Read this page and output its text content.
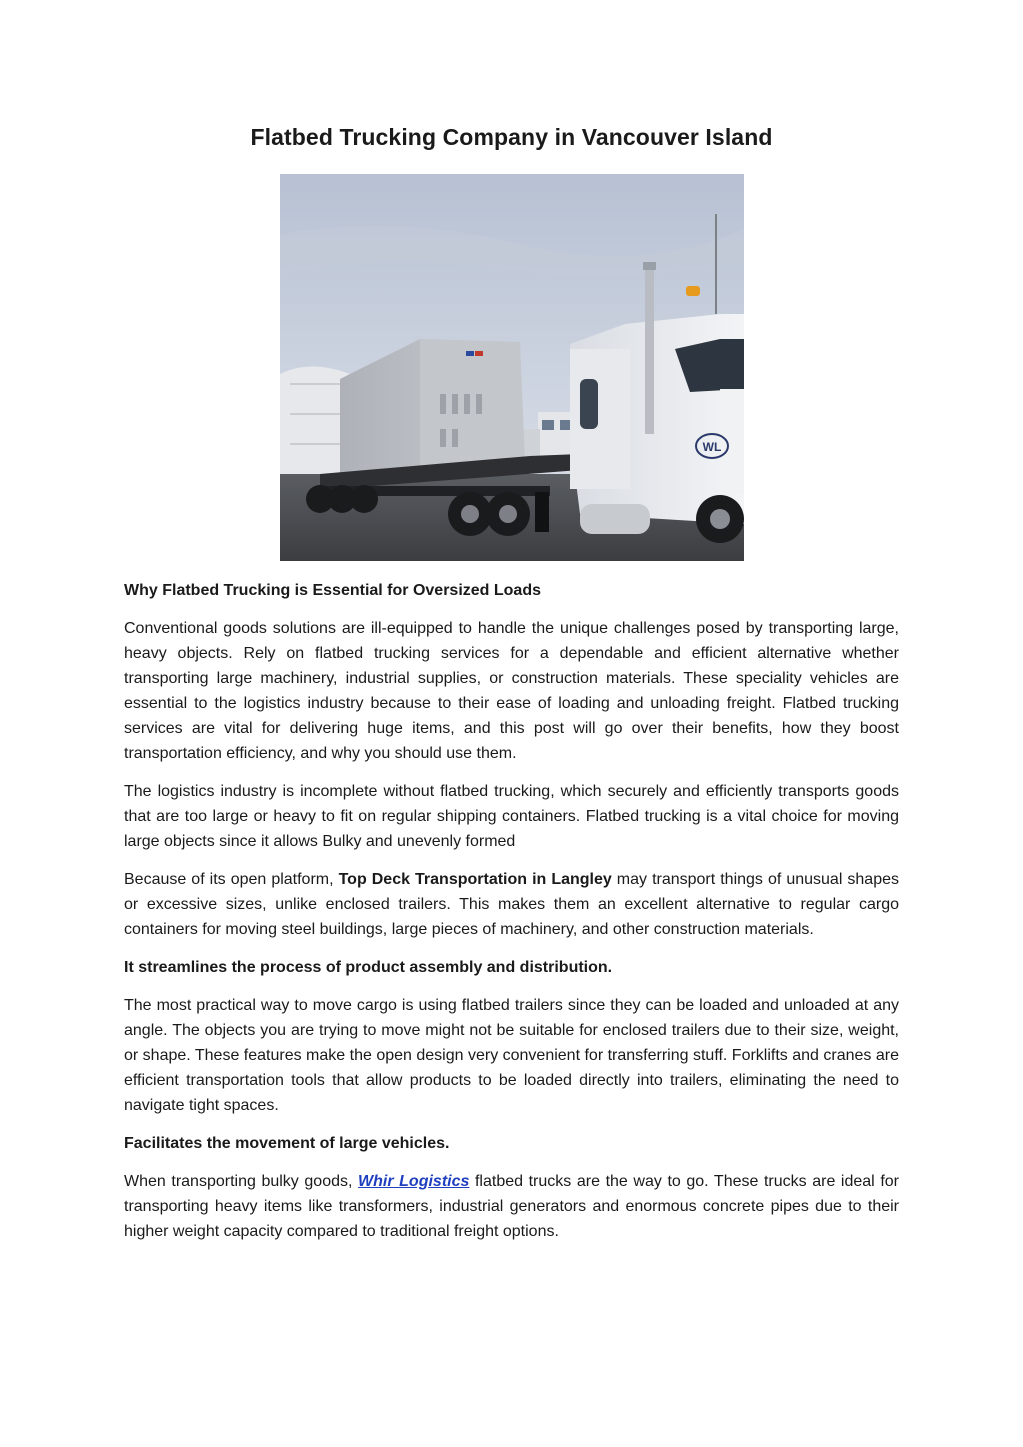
Flatbed Trucking Company in Vancouver Island
WL
Why Flatbed Trucking is Essential for Oversized Loads

Conventional goods solutions are ill-equipped to handle the unique challenges posed by transporting large, heavy objects. Rely on flatbed trucking services for a dependable and efficient alternative whether transporting large machinery, industrial supplies, or construction materials. These speciality vehicles are essential to the logistics industry because to their ease of loading and unloading freight. Flatbed trucking services are vital for delivering huge items, and this post will go over their benefits, how they boost transportation efficiency, and why you should use them.

The logistics industry is incomplete without flatbed trucking, which securely and efficiently transports goods that are too large or heavy to fit on regular shipping containers. Flatbed trucking is a vital choice for moving large objects since it allows Bulky and unevenly formed

Because of its open platform, Top Deck Transportation in Langley may transport things of unusual shapes or excessive sizes, unlike enclosed trailers. This makes them an excellent alternative to regular cargo containers for moving steel buildings, large pieces of machinery, and other construction materials.

It streamlines the process of product assembly and distribution.

The most practical way to move cargo is using flatbed trailers since they can be loaded and unloaded at any angle. The objects you are trying to move might not be suitable for enclosed trailers due to their size, weight, or shape. These features make the open design very convenient for transferring stuff. Forklifts and cranes are efficient transportation tools that allow products to be loaded directly into trailers, eliminating the need to navigate tight spaces.

Facilitates the movement of large vehicles.

When transporting bulky goods, Whir Logistics flatbed trucks are the way to go. These trucks are ideal for transporting heavy items like transformers, industrial generators and enormous concrete pipes due to their higher weight capacity compared to traditional freight options.
